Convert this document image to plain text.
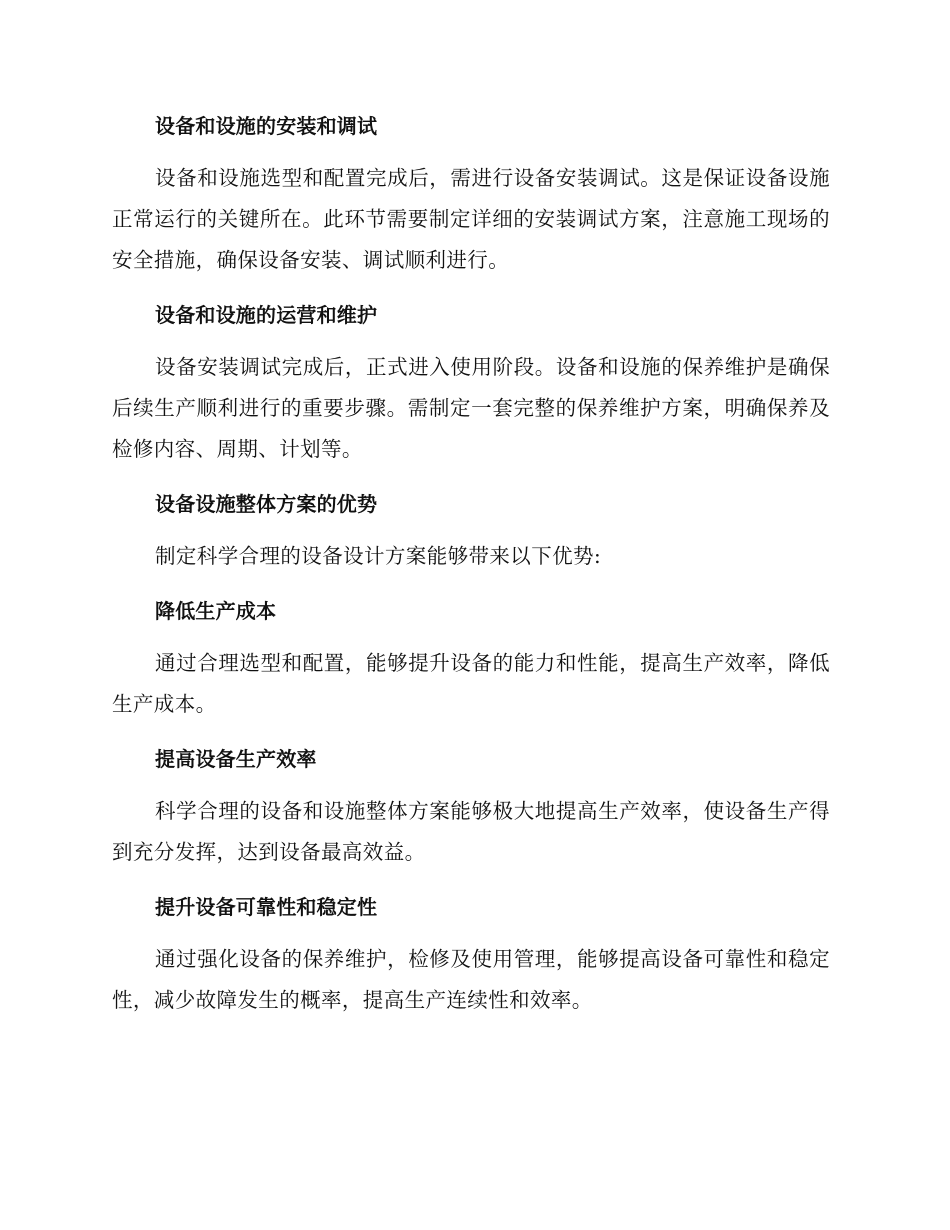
设备和设施的安装和调试

设备和设施选型和配置完成后，需进行设备安装调试。这是保证设备设施正常运行的关键所在。此环节需要制定详细的安装调试方案，注意施工现场的安全措施，确保设备安装、调试顺利进行。

设备和设施的运营和维护

设备安装调试完成后，正式进入使用阶段。设备和设施的保养维护是确保后续生产顺利进行的重要步骤。需制定一套完整的保养维护方案，明确保养及检修内容、周期、计划等。

设备设施整体方案的优势

制定科学合理的设备设计方案能够带来以下优势:

降低生产成本

通过合理选型和配置，能够提升设备的能力和性能，提高生产效率，降低生产成本。

提高设备生产效率

科学合理的设备和设施整体方案能够极大地提高生产效率，使设备生产得到充分发挥，达到设备最高效益。

提升设备可靠性和稳定性

通过强化设备的保养维护，检修及使用管理，能够提高设备可靠性和稳定性，减少故障发生的概率，提高生产连续性和效率。
